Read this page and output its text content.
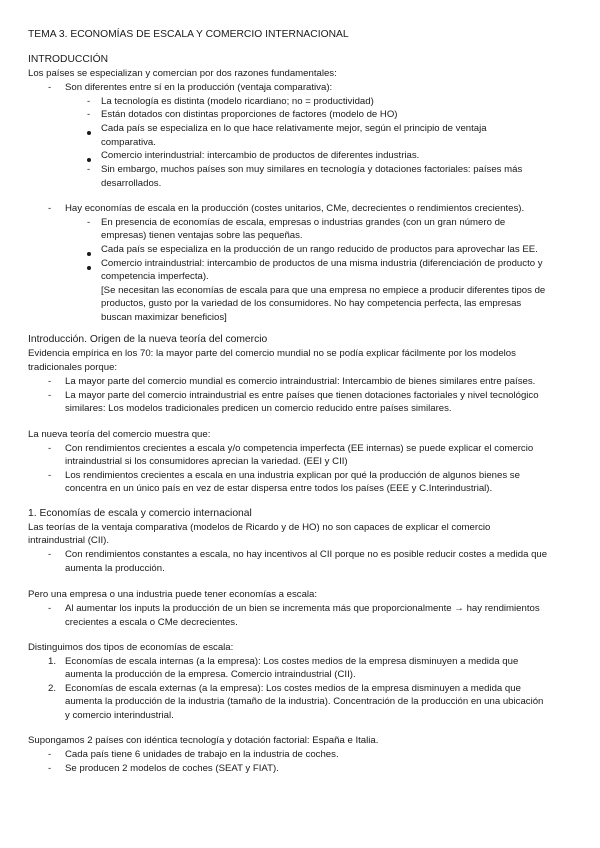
TEMA 3. ECONOMÍAS DE ESCALA Y COMERCIO INTERNACIONAL
INTRODUCCIÓN
Los países se especializan y comercian por dos razones fundamentales:
- Son diferentes entre sí en la producción (ventaja comparativa):
- La tecnología es distinta (modelo ricardiano; no = productividad)
- Están dotados con distintas proporciones de factores (modelo de HO)
Cada país se especializa en lo que hace relativamente mejor, según el principio de ventaja
comparativa.
Comercio interindustrial: intercambio de productos de diferentes industrias.
- Sin embargo, muchos países son muy similares en tecnología y dotaciones factoriales: países más
desarrollados.
- Hay economías de escala en la producción (costes unitarios, CMe, decrecientes o rendimientos crecientes).
- En presencia de economías de escala, empresas o industrias grandes (con un gran número de
empresas) tienen ventajas sobre las pequeñas.
Cada país se especializa en la producción de un rango reducido de productos para aprovechar las EE.
Comercio intraindustrial: intercambio de productos de una misma industria (diferenciación de producto y
competencia imperfecta).
[Se necesitan las economías de escala para que una empresa no empiece a producir diferentes tipos de
productos, gusto por la variedad de los consumidores. No hay competencia perfecta, las empresas
buscan maximizar beneficios]
Introducción. Origen de la nueva teoría del comercio
Evidencia empírica en los 70: la mayor parte del comercio mundial no se podía explicar fácilmente por los modelos
tradicionales porque:
- La mayor parte del comercio mundial es comercio intraindustrial: Intercambio de bienes similares entre países.
- La mayor parte del comercio intraindustrial es entre países que tienen dotaciones factoriales y nivel tecnológico
similares: Los modelos tradicionales predicen un comercio reducido entre países similares.
La nueva teoría del comercio muestra que:
- Con rendimientos crecientes a escala y/o competencia imperfecta (EE internas) se puede explicar el comercio
intraindustrial si los consumidores aprecian la variedad. (EEI y CII)
- Los rendimientos crecientes a escala en una industria explican por qué la producción de algunos bienes se
concentra en un único país en vez de estar dispersa entre todos los países (EEE y C.Interindustrial).
1. Economías de escala y comercio internacional
Las teorías de la ventaja comparativa (modelos de Ricardo y de HO) no son capaces de explicar el comercio
intraindustrial (CII).
- Con rendimientos constantes a escala, no hay incentivos al CII porque no es posible reducir costes a medida que
aumenta la producción.
Pero una empresa o una industria puede tener economías a escala:
- Al aumentar los inputs la producción de un bien se incrementa más que proporcionalmente → hay rendimientos
crecientes a escala o CMe decrecientes.
Distinguimos dos tipos de economías de escala:
1. Economías de escala internas (a la empresa): Los costes medios de la empresa disminuyen a medida que
aumenta la producción de la empresa. Comercio intraindustrial (CII).
2. Economías de escala externas (a la empresa): Los costes medios de la empresa disminuyen a medida que
aumenta la producción de la industria (tamaño de la industria). Concentración de la producción en una ubicación
y comercio interindustrial.
Supongamos 2 países con idéntica tecnología y dotación factorial: España e Italia.
- Cada país tiene 6 unidades de trabajo en la industria de coches.
- Se producen 2 modelos de coches (SEAT y FIAT).
